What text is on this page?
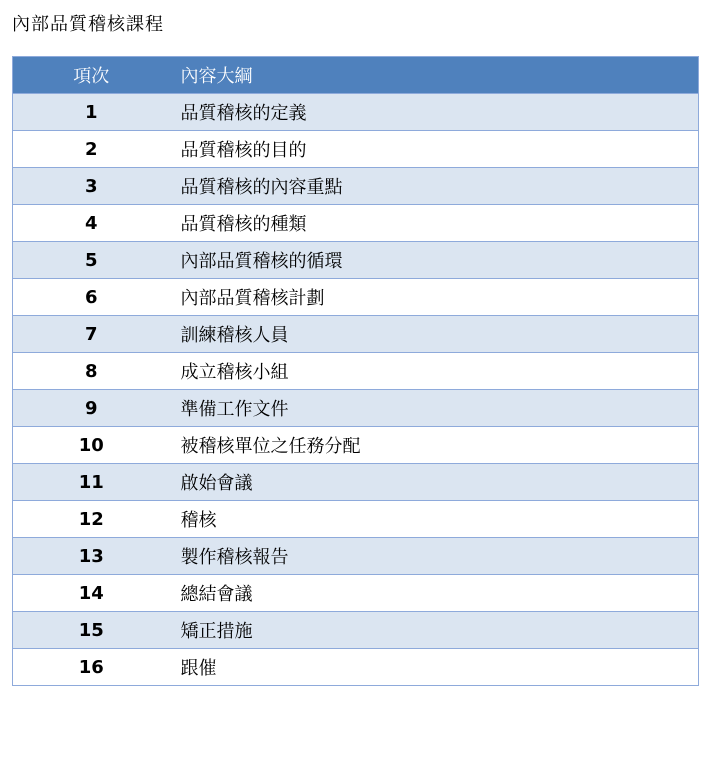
內部品質稽核課程
項次	內容大綱
1	品質稽核的定義
2	品質稽核的目的
3	品質稽核的內容重點
4	品質稽核的種類
5	內部品質稽核的循環
6	內部品質稽核計劃
7	訓練稽核人員
8	成立稽核小組
9	準備工作文件
10	被稽核單位之任務分配
11	啟始會議
12	稽核
13	製作稽核報告
14	總結會議
15	矯正措施
16	跟催
